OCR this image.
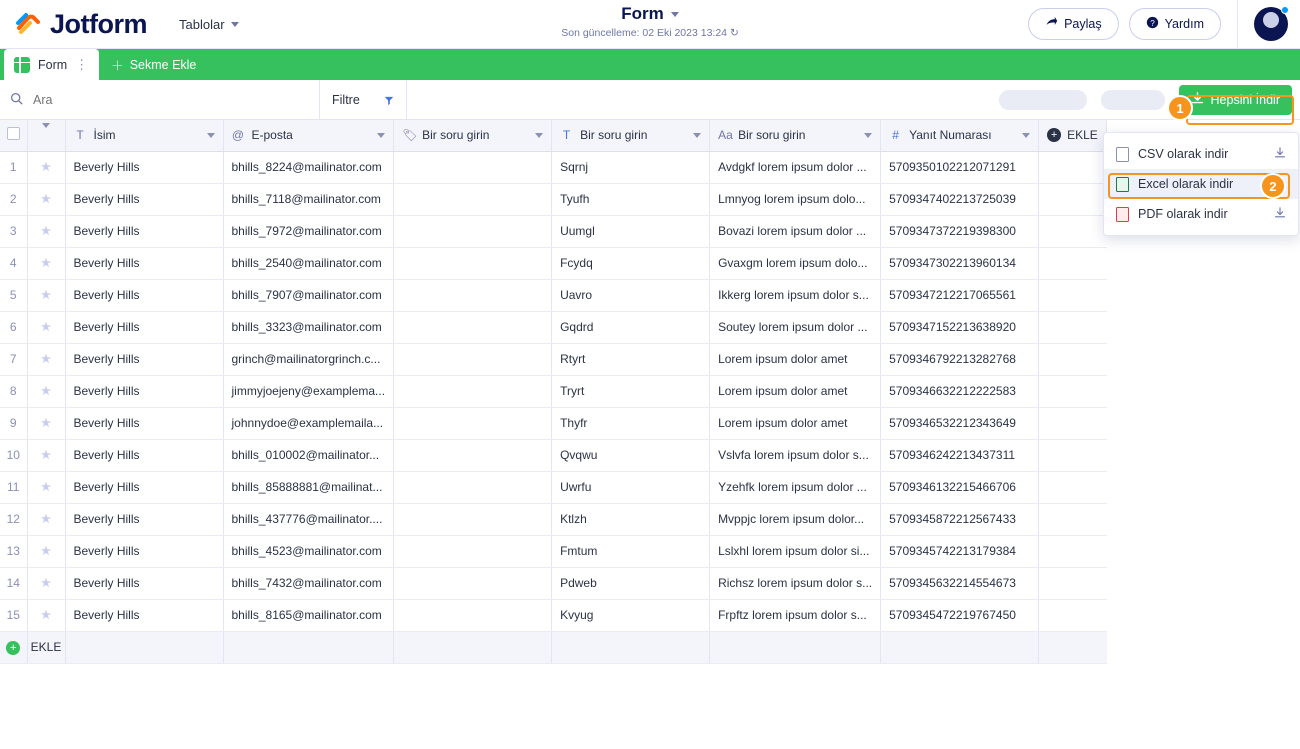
Jotform Tablolar
Form
Son güncelleme: 02 Eki 2023 13:24 ↻
Paylaş	? Yardım
Form ⋮ ＋ Sekme Ekle
Ara
Filtre	Hepsini İndir

		T İsim	@ E-posta	🏷 Bir soru girin	T Bir soru girin	Aa Bir soru girin	# Yanıt Numarası	+ EKLE

1	★	Beverly Hills	bhills_8224@mailinator.com		Sqrnj	Avdgkf lorem ipsum dolor ...	5709350102212071291	
2	★	Beverly Hills	bhills_7118@mailinator.com		Tyufh	Lmnyog lorem ipsum dolo...	5709347402213725039	
3	★	Beverly Hills	bhills_7972@mailinator.com		Uumgl	Bovazi lorem ipsum dolor ...	5709347372219398300	
4	★	Beverly Hills	bhills_2540@mailinator.com		Fcydq	Gvaxgm lorem ipsum dolo...	5709347302213960134	
5	★	Beverly Hills	bhills_7907@mailinator.com		Uavro	Ikkerg lorem ipsum dolor s...	5709347212217065561	
6	★	Beverly Hills	bhills_3323@mailinator.com		Gqdrd	Soutey lorem ipsum dolor ...	5709347152213638920	
7	★	Beverly Hills	grinch@mailinatorgrinch.c...		Rtyrt	Lorem ipsum dolor amet	5709346792213282768	
8	★	Beverly Hills	jimmyjoejeny@examplema...		Tryrt	Lorem ipsum dolor amet	5709346632212222583	
9	★	Beverly Hills	johnnydoe@examplemaila...		Thyfr	Lorem ipsum dolor amet	5709346532212343649	
10	★	Beverly Hills	bhills_010002@mailinator...		Qvqwu	Vslvfa lorem ipsum dolor s...	5709346242213437311	
11	★	Beverly Hills	bhills_85888881@mailinat...		Uwrfu	Yzehfk lorem ipsum dolor ...	5709346132215466706	
12	★	Beverly Hills	bhills_437776@mailinator....		Ktlzh	Mvppjc lorem ipsum dolor...	5709345872212567433	
13	★	Beverly Hills	bhills_4523@mailinator.com		Fmtum	Lslxhl lorem ipsum dolor si...	5709345742213179384	
14	★	Beverly Hills	bhills_7432@mailinator.com		Pdweb	Richsz lorem ipsum dolor s...	5709345632214554673	
15	★	Beverly Hills	bhills_8165@mailinator.com		Kvyug	Frpftz lorem ipsum dolor s...	5709345472219767450	
+	EKLE							
CSV olarak indir
Excel olarak indir
PDF olarak indir
1
2
